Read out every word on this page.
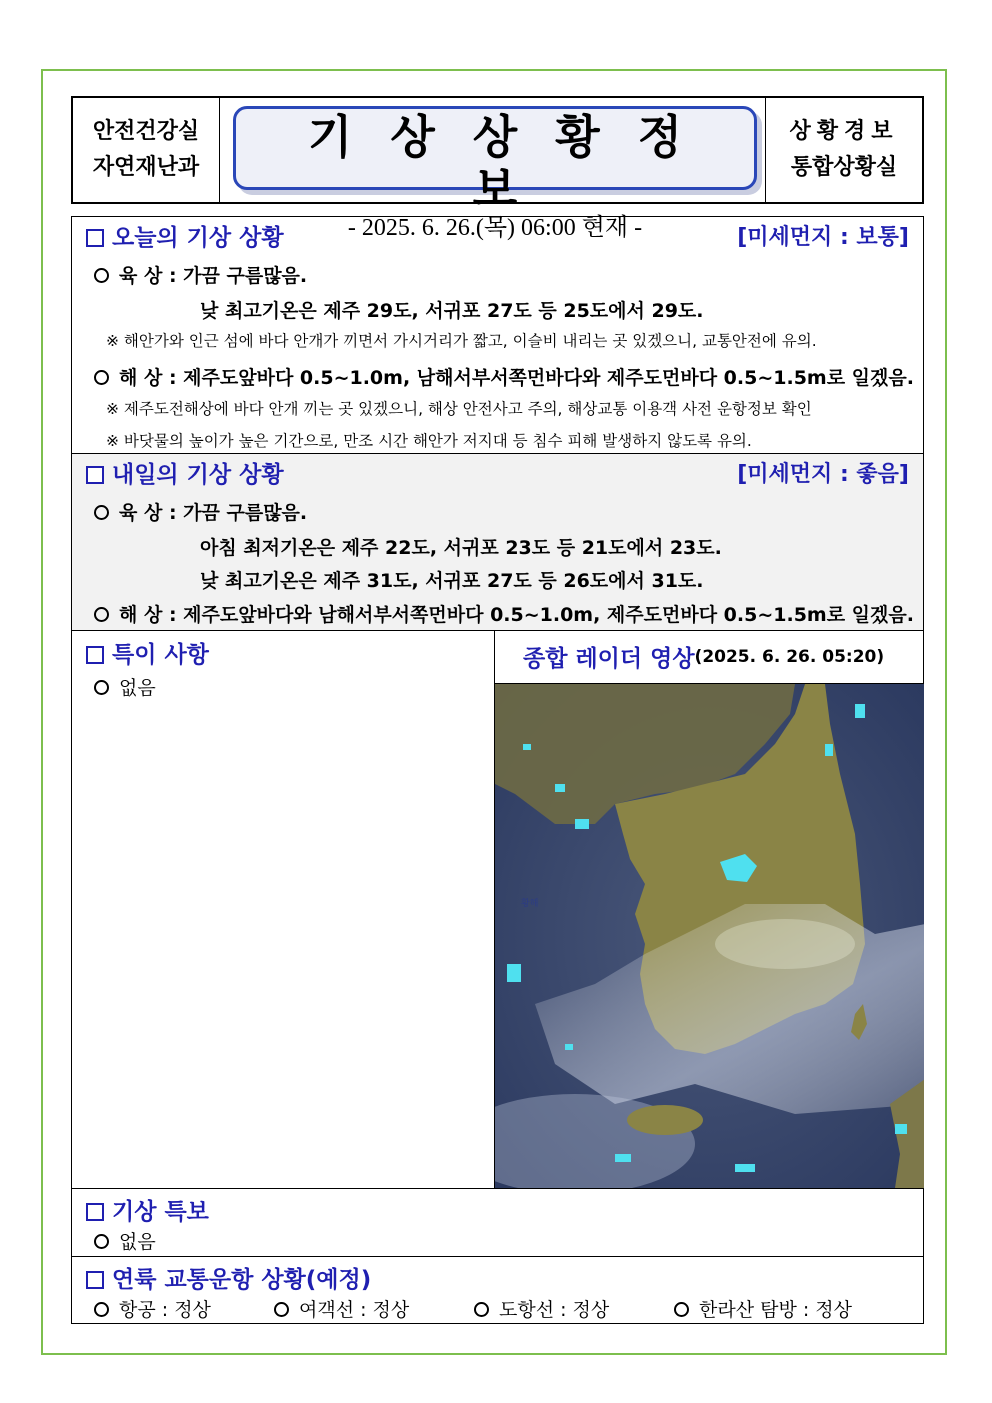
안전건강실
자연재난과
기상상황정보
- 2025. 6. 26.(목) 06:00 현재 -
상황경보
통합상황실
오늘의 기상 상황	[미세먼지 : 보통]
육 상 : 가끔 구름많음.
낮 최고기온은 제주 29도, 서귀포 27도 등 25도에서 29도.
※ 해안가와 인근 섬에 바다 안개가 끼면서 가시거리가 짧고, 이슬비 내리는 곳 있겠으니, 교통안전에 유의.
해 상 : 제주도앞바다 0.5~1.0m, 남해서부서쪽먼바다와 제주도먼바다 0.5~1.5m로 일겠음.
※ 제주도전해상에 바다 안개 끼는 곳 있겠으니, 해상 안전사고 주의, 해상교통 이용객 사전 운항정보 확인
※ 바닷물의 높이가 높은 기간으로, 만조 시간 해안가 저지대 등 침수 피해 발생하지 않도록 유의.
내일의 기상 상황	[미세먼지 : 좋음]
육 상 : 가끔 구름많음.
아침 최저기온은 제주 22도, 서귀포 23도 등 21도에서 23도.
낮 최고기온은 제주 31도, 서귀포 27도 등 26도에서 31도.
해 상 : 제주도앞바다와 남해서부서쪽먼바다 0.5~1.0m, 제주도먼바다 0.5~1.5m로 일겠음.
특이 사항
없음
종합 레이더 영상 (2025. 6. 26. 05:20)
황해
기상 특보
없음
연륙 교통운항 상황(예정)
항공 : 정상	여객선 : 정상	도항선 : 정상	한라산 탐방 : 정상
